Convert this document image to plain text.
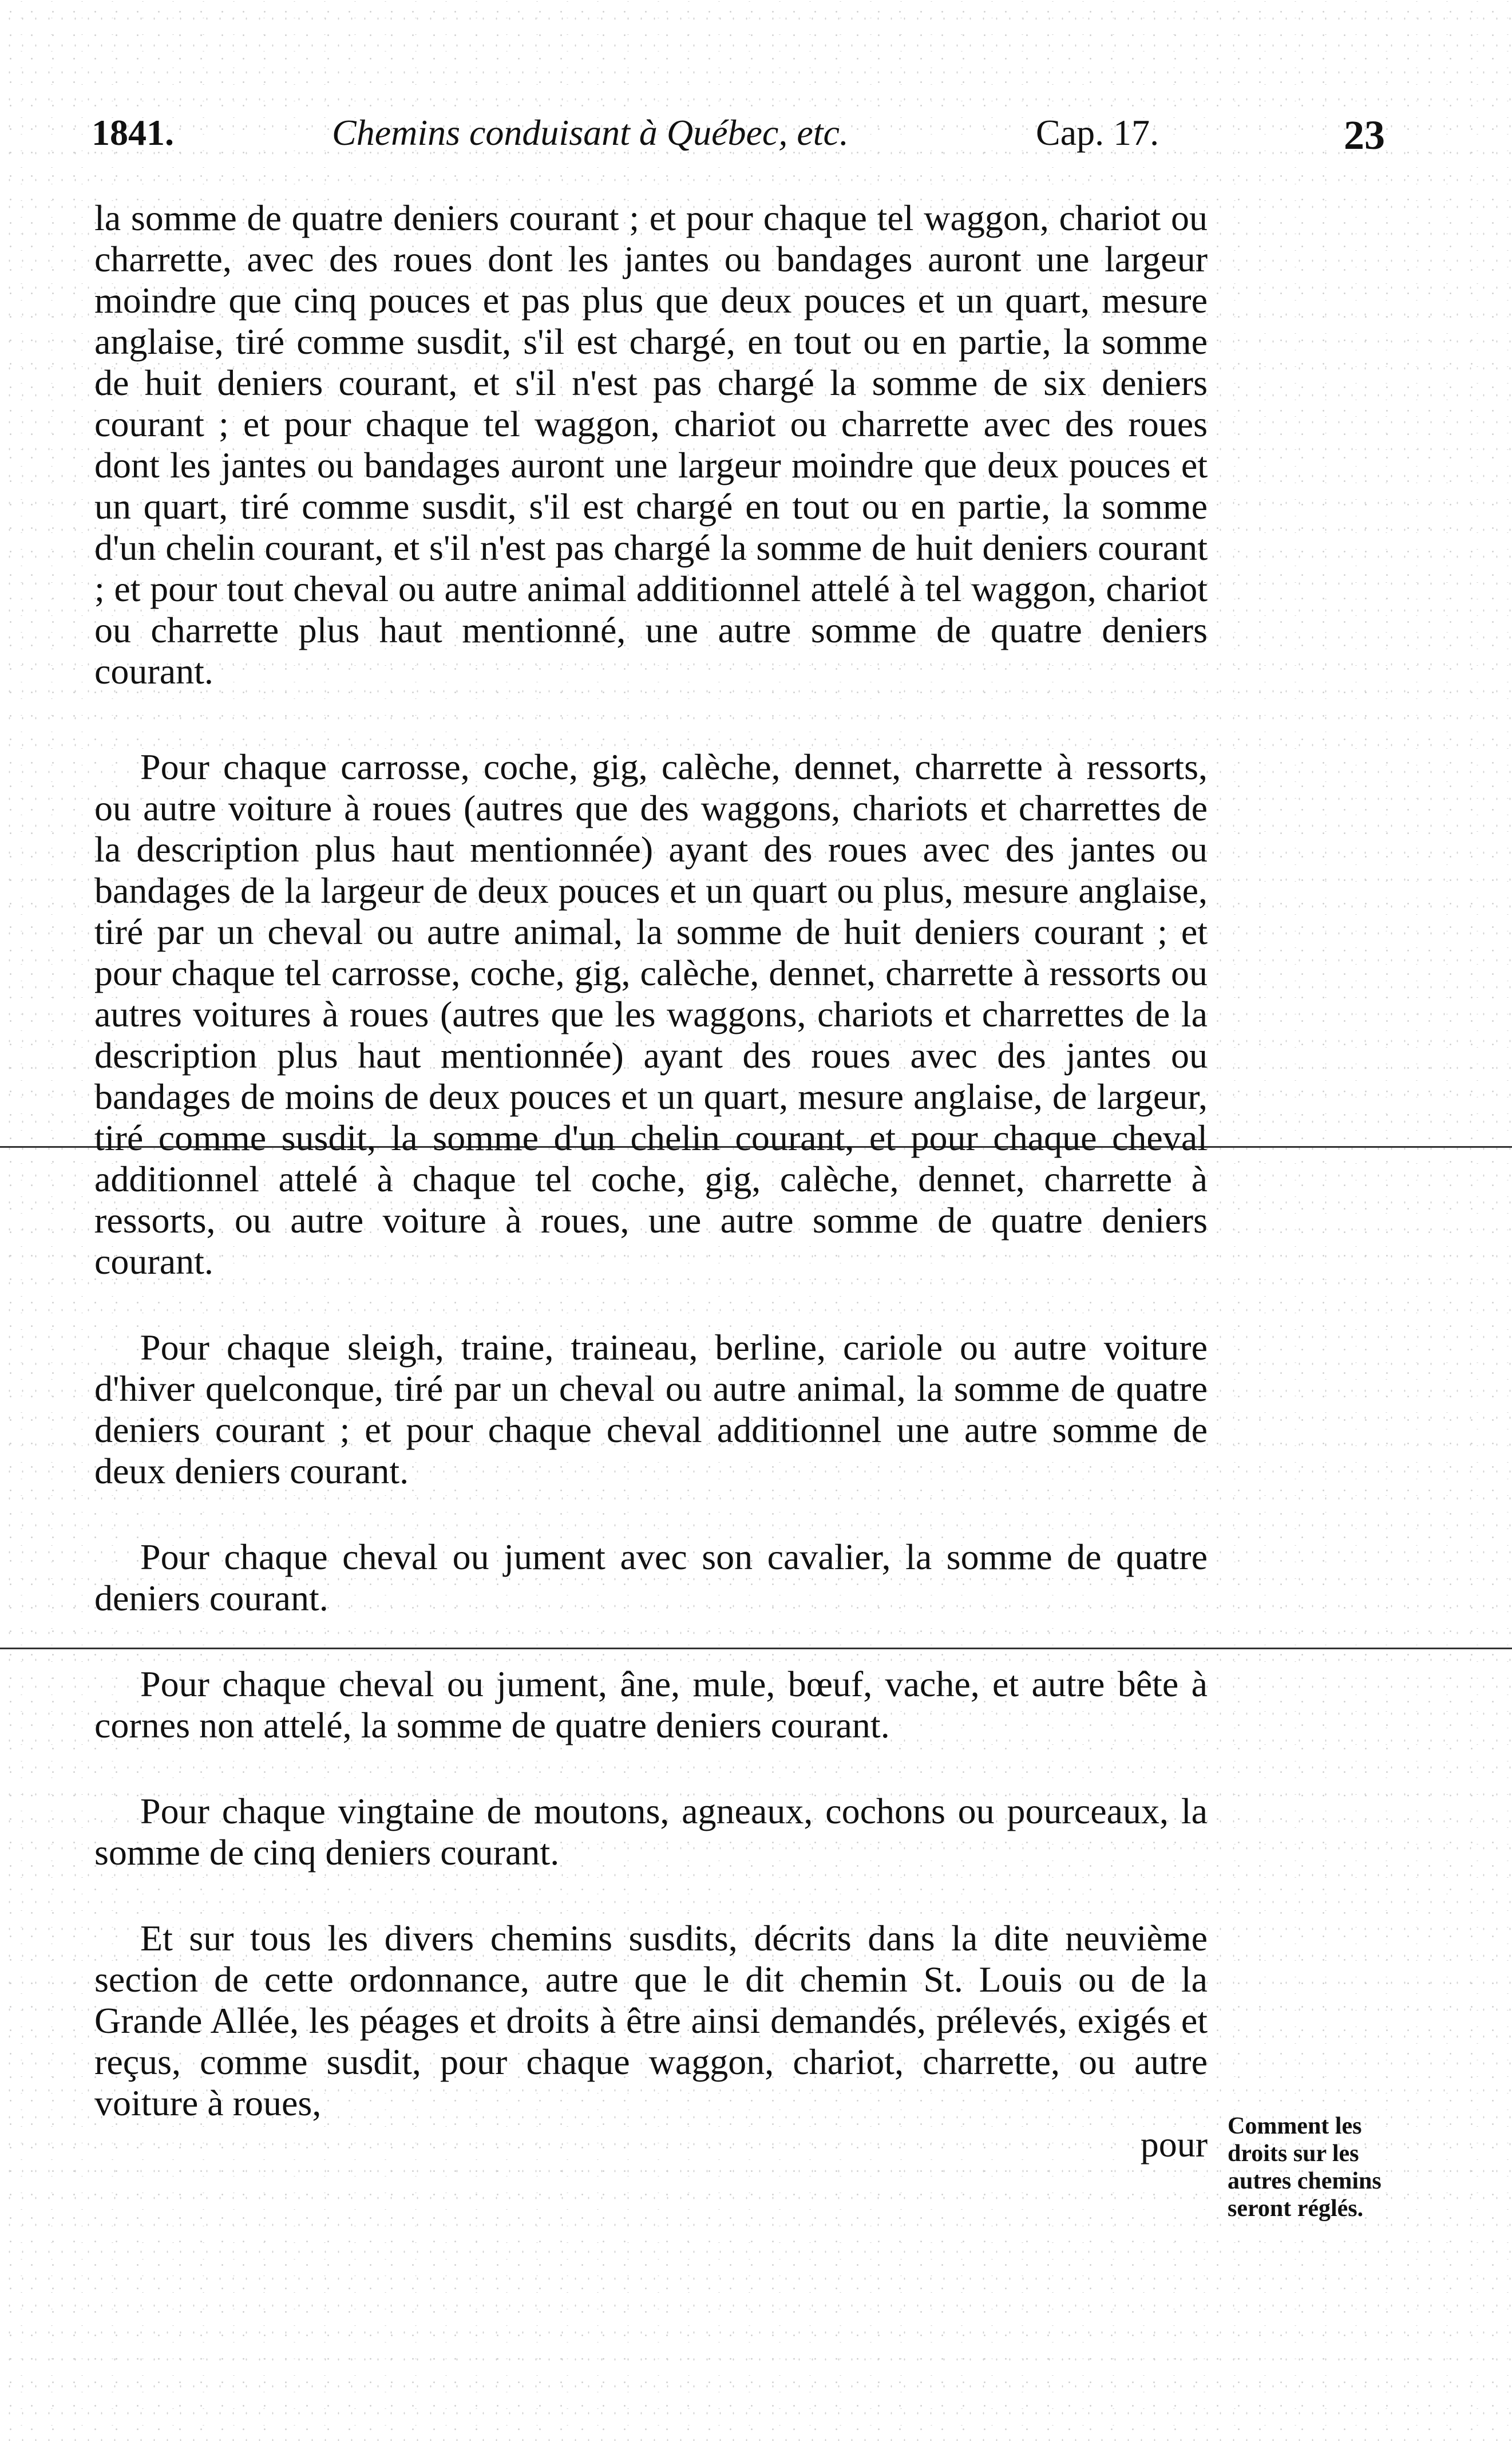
1841.	Chemins conduisant à Québec, etc.	Cap. 17.	23

la somme de quatre deniers courant ; et pour chaque tel waggon, chariot ou charrette, avec des roues dont les jantes ou bandages auront une largeur moindre que cinq pouces et pas plus que deux pouces et un quart, mesure anglaise, tiré comme susdit, s'il est chargé, en tout ou en partie, la somme de huit deniers courant, et s'il n'est pas chargé la somme de six deniers courant ; et pour chaque tel waggon, chariot ou charrette avec des roues dont les jantes ou bandages auront une largeur moindre que deux pouces et un quart, tiré comme susdit, s'il est chargé en tout ou en partie, la somme d'un chelin courant, et s'il n'est pas chargé la somme de huit deniers courant ; et pour tout cheval ou autre animal additionnel attelé à tel waggon, chariot ou charrette plus haut mentionné, une autre somme de quatre deniers courant.

Pour chaque carrosse, coche, gig, calèche, dennet, charrette à ressorts, ou autre voiture à roues (autres que des waggons, chariots et charrettes de la description plus haut mentionnée) ayant des roues avec des jantes ou bandages de la largeur de deux pouces et un quart ou plus, mesure anglaise, tiré par un cheval ou autre animal, la somme de huit deniers courant ; et pour chaque tel carrosse, coche, gig, calèche, dennet, charrette à ressorts ou autres voitures à roues (autres que les waggons, chariots et charrettes de la description plus haut mentionnée) ayant des roues avec des jantes ou bandages de moins de deux pouces et un quart, mesure anglaise, de largeur, tiré comme susdit, la somme d'un chelin courant, et pour chaque cheval additionnel attelé à chaque tel coche, gig, calèche, dennet, charrette à ressorts, ou autre voiture à roues, une autre somme de quatre deniers courant.

Pour chaque sleigh, traine, traineau, berline, cariole ou autre voiture d'hiver quelconque, tiré par un cheval ou autre animal, la somme de quatre deniers courant ; et pour chaque cheval additionnel une autre somme de deux deniers courant.

Pour chaque cheval ou jument avec son cavalier, la somme de quatre deniers courant.

Pour chaque cheval ou jument, âne, mule, bœuf, vache, et autre bête à cornes non attelé, la somme de quatre deniers courant.

Pour chaque vingtaine de moutons, agneaux, cochons ou pourceaux, la somme de cinq deniers courant.

Et sur tous les divers chemins susdits, décrits dans la dite neuvième section de cette ordonnance, autre que le dit chemin St. Louis ou de la Grande Allée, les péages et droits à être ainsi demandés, prélevés, exigés et reçus, comme susdit, pour chaque waggon, chariot, charrette, ou autre voiture à roues,
pour Comment les droits sur les autres chemins seront réglés.
